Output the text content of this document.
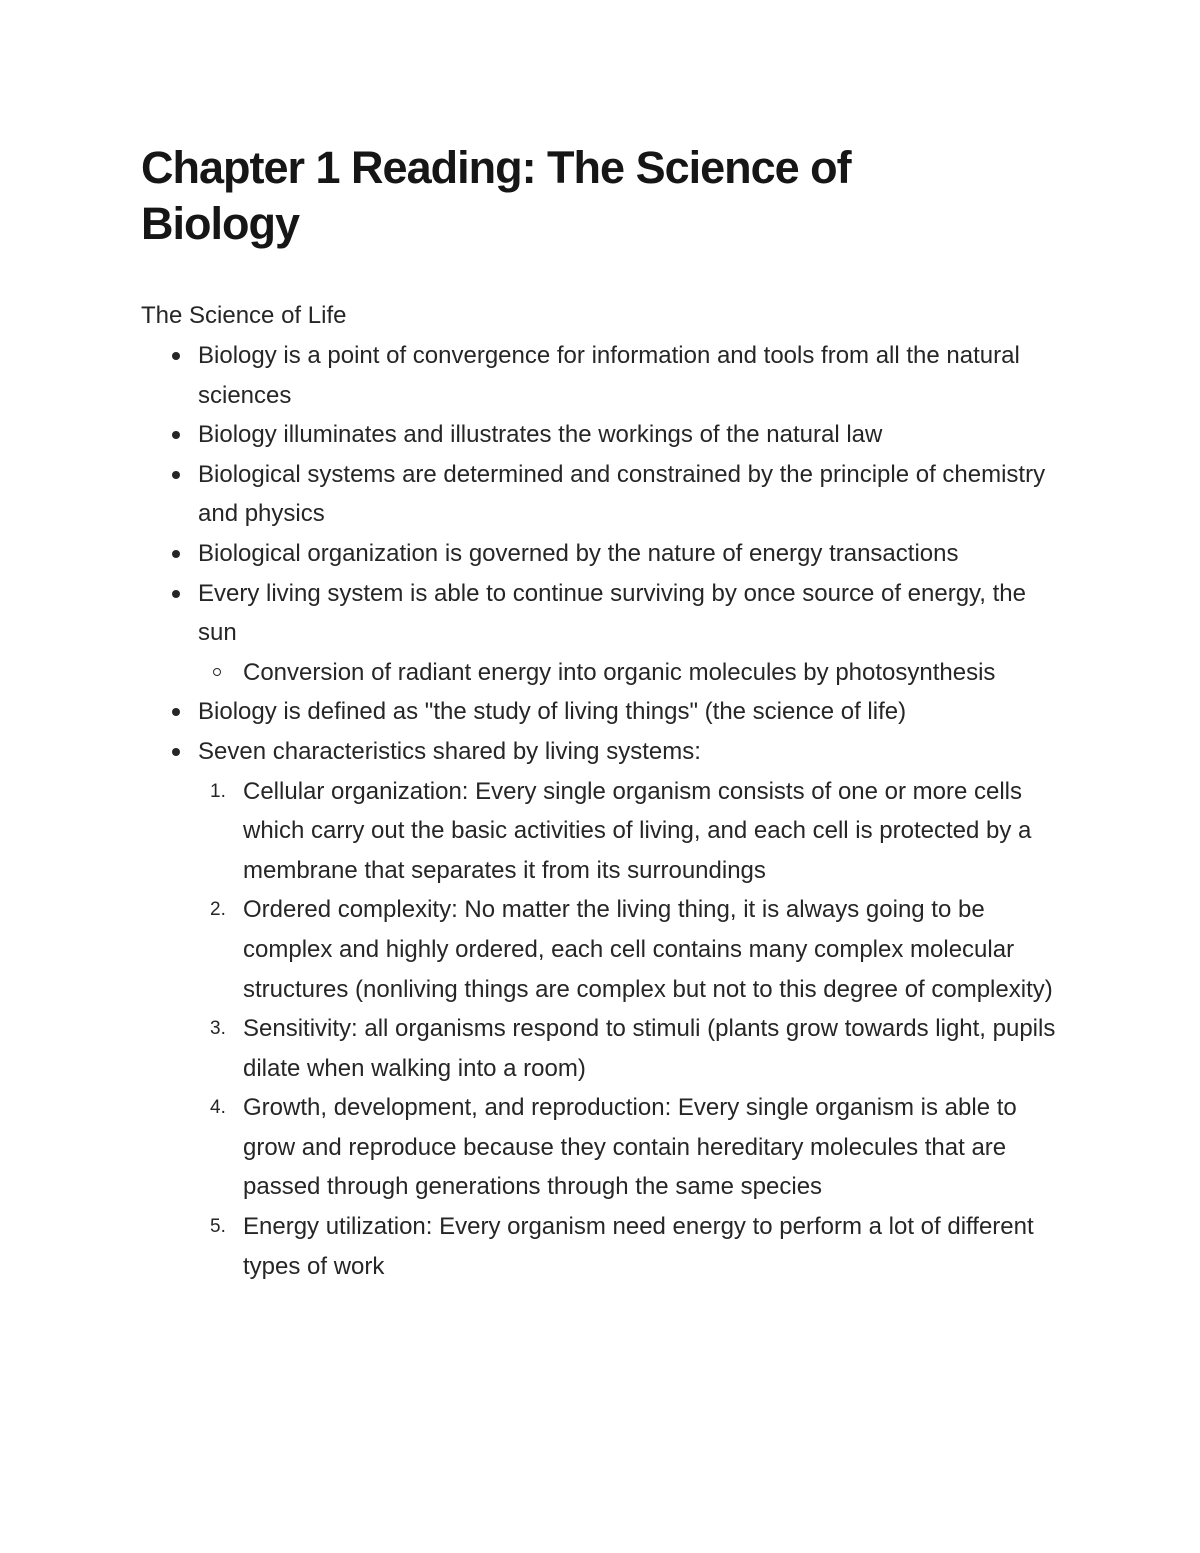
Chapter 1 Reading: The Science of Biology
The Science of Life
Biology is a point of convergence for information and tools from all the natural sciences
Biology illuminates and illustrates the workings of the natural law
Biological systems are determined and constrained by the principle of chemistry and physics
Biological organization is governed by the nature of energy transactions
Every living system is able to continue surviving by once source of energy, the sun
Conversion of radiant energy into organic molecules by photosynthesis
Biology is defined as "the study of living things" (the science of life)
Seven characteristics shared by living systems:
1. Cellular organization: Every single organism consists of one or more cells which carry out the basic activities of living, and each cell is protected by a membrane that separates it from its surroundings
2. Ordered complexity: No matter the living thing, it is always going to be complex and highly ordered, each cell contains many complex molecular structures (nonliving things are complex but not to this degree of complexity)
3. Sensitivity: all organisms respond to stimuli (plants grow towards light, pupils dilate when walking into a room)
4. Growth, development, and reproduction: Every single organism is able to grow and reproduce because they contain hereditary molecules that are passed through generations through the same species
5. Energy utilization: Every organism need energy to perform a lot of different types of work
